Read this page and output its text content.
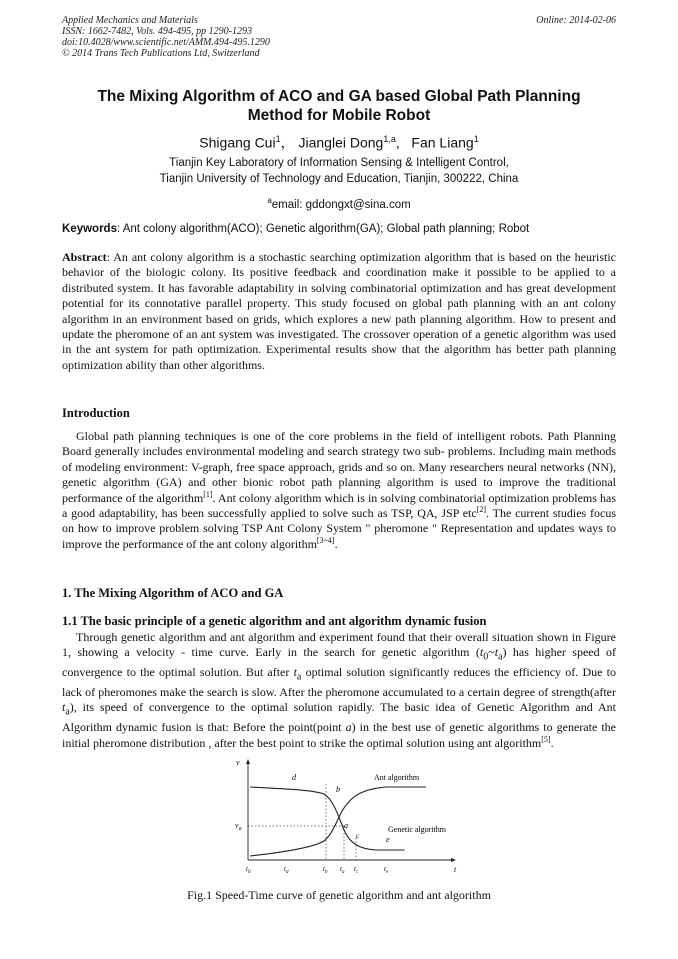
Applied Mechanics and Materials
ISSN: 1662-7482, Vols. 494-495, pp 1290-1293
doi:10.4028/www.scientific.net/AMM.494-495.1290
© 2014 Trans Tech Publications Ltd, Switzerland
Online: 2014-02-06
The Mixing Algorithm of ACO and GA based Global Path Planning
Method for Mobile Robot
Shigang Cui$^1$， Jianglei Dong$^{1,a}$, Fan Liang$^1$
Tianjin Key Laboratory of Information Sensing & Intelligent Control,
Tianjin University of Technology and Education, Tianjin, 300222, China
$^a$email: gddongxt@sina.com
Keywords: Ant colony algorithm(ACO); Genetic algorithm(GA); Global path planning; Robot
Abstract: An ant colony algorithm is a stochastic searching optimization algorithm that is based on the heuristic behavior of the biologic colony. Its positive feedback and coordination make it possible to be applied to a distributed system. It has favorable adaptability in solving combinatorial optimization and has great development potential for its connotative parallel property. This study focused on global path planning with an ant colony algorithm in an environment based on grids, which explores a new path planning algorithm. How to present and update the pheromone of an ant system was investigated. The crossover operation of a genetic algorithm was used in the ant system for path optimization. Experimental results show that the algorithm has better path planning optimization ability than other algorithms.
Introduction

Global path planning techniques is one of the core problems in the field of intelligent robots. Path Planning Board generally includes environmental modeling and search strategy two sub- problems. Including main methods of modeling environment: V-graph, free space approach, grids and so on. Many researchers neural networks (NN), genetic algorithm (GA) and other bionic robot path planning algorithm is used to improve the traditional performance of the algorithm[1]. Ant colony algorithm which is in solving combinatorial optimization problems has a good adaptability, has been successfully applied to solve such as TSP, QA, JSP etc[2]. The current studies focus on how to improve problem solving TSP Ant Colony System " pheromone " Representation and updates ways to improve the performance of the ant colony algorithm[3~4].

1. The Mixing Algorithm of ACO and GA
1.1 The basic principle of a genetic algorithm and ant algorithm dynamic fusion

Through genetic algorithm and ant algorithm and experiment found that their overall situation shown in Figure 1, showing a velocity - time curve. Early in the search for genetic algorithm $(t_0\sim t_a)$ has higher speed of convergence to the optimal solution. But after $t_a$ optimal solution significantly reduces the efficiency of. Due to lack of pheromones make the search is slow. After the pheromone accumulated to a certain degree of strength(after $t_a$), its speed of convergence to the optimal solution rapidly. The basic idea of Genetic Algorithm and Ant Algorithm dynamic fusion is that: Before the point(point a) in the best use of genetic algorithms to generate the initial pheromone distribution , after the best point to strike the optimal solution using ant algorithm[5].

v
t
$v_a$
d
b
a
c	e
Ant algorithm
Genetic algorithm
$t_0$	$t_d$	$t_b$ $t_a$ $t_c$	$t_e$
Fig.1 Speed-Time curve of genetic algorithm and ant algorithm
